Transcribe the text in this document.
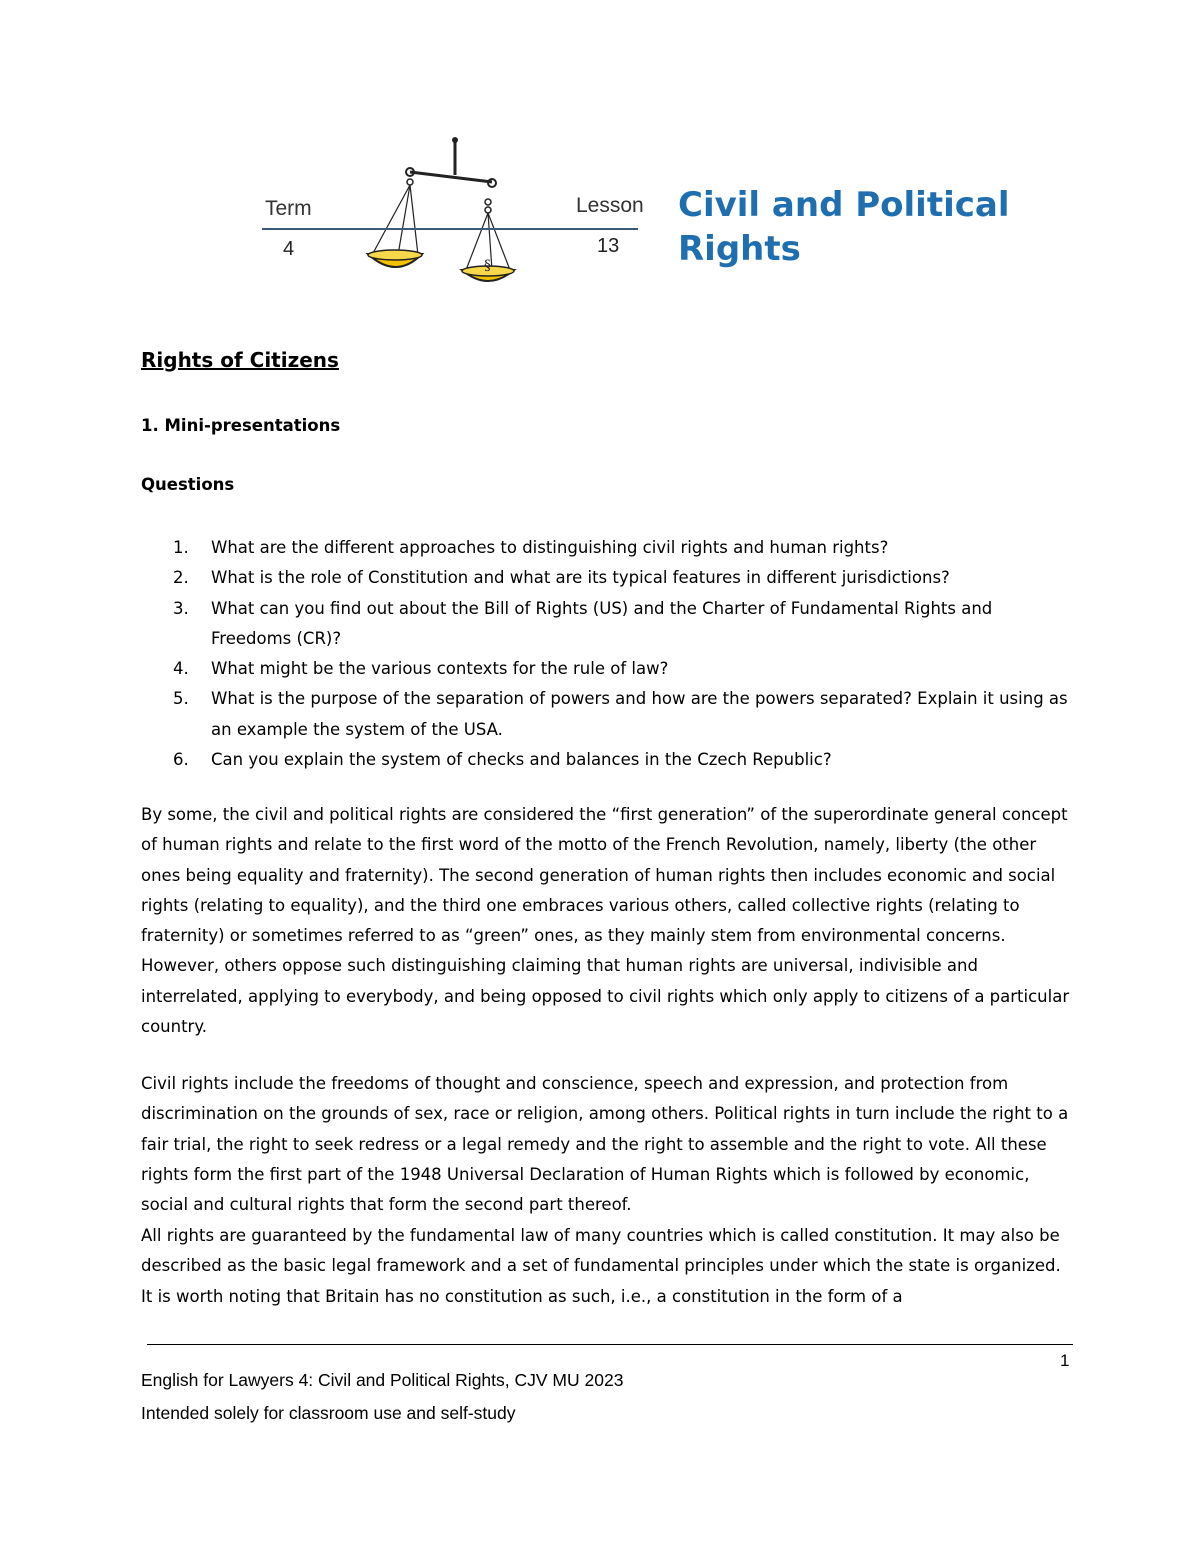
§
Term
4
Lesson
13
Civil and Political
Rights
Rights of Citizens
1. Mini-presentations
Questions
1. What are the different approaches to distinguishing civil rights and human rights?
2. What is the role of Constitution and what are its typical features in different jurisdictions?
3. What can you find out about the Bill of Rights (US) and the Charter of Fundamental Rights and Freedoms (CR)?
4. What might be the various contexts for the rule of law?
5. What is the purpose of the separation of powers and how are the powers separated? Explain it using as an example the system of the USA.
6. Can you explain the system of checks and balances in the Czech Republic?

By some, the civil and political rights are considered the “first generation” of the superordinate general concept of human rights and relate to the first word of the motto of the French Revolution, namely, liberty (the other ones being equality and fraternity). The second generation of human rights then includes economic and social rights (relating to equality), and the third one embraces various others, called collective rights (relating to fraternity) or sometimes referred to as “green” ones, as they mainly stem from environmental concerns. However, others oppose such distinguishing claiming that human rights are universal, indivisible and interrelated, applying to everybody, and being opposed to civil rights which only apply to citizens of a particular country.

Civil rights include the freedoms of thought and conscience, speech and expression, and protection from discrimination on the grounds of sex, race or religion, among others. Political rights in turn include the right to a fair trial, the right to seek redress or a legal remedy and the right to assemble and the right to vote. All these rights form the first part of the 1948 Universal Declaration of Human Rights which is followed by economic, social and cultural rights that form the second part thereof.

All rights are guaranteed by the fundamental law of many countries which is called constitution. It may also be described as the basic legal framework and a set of fundamental principles under which the state is organized. It is worth noting that Britain has no constitution as such, i.e., a constitution in the form of a

1
English for Lawyers 4: Civil and Political Rights, CJV MU 2023
Intended solely for classroom use and self-study
